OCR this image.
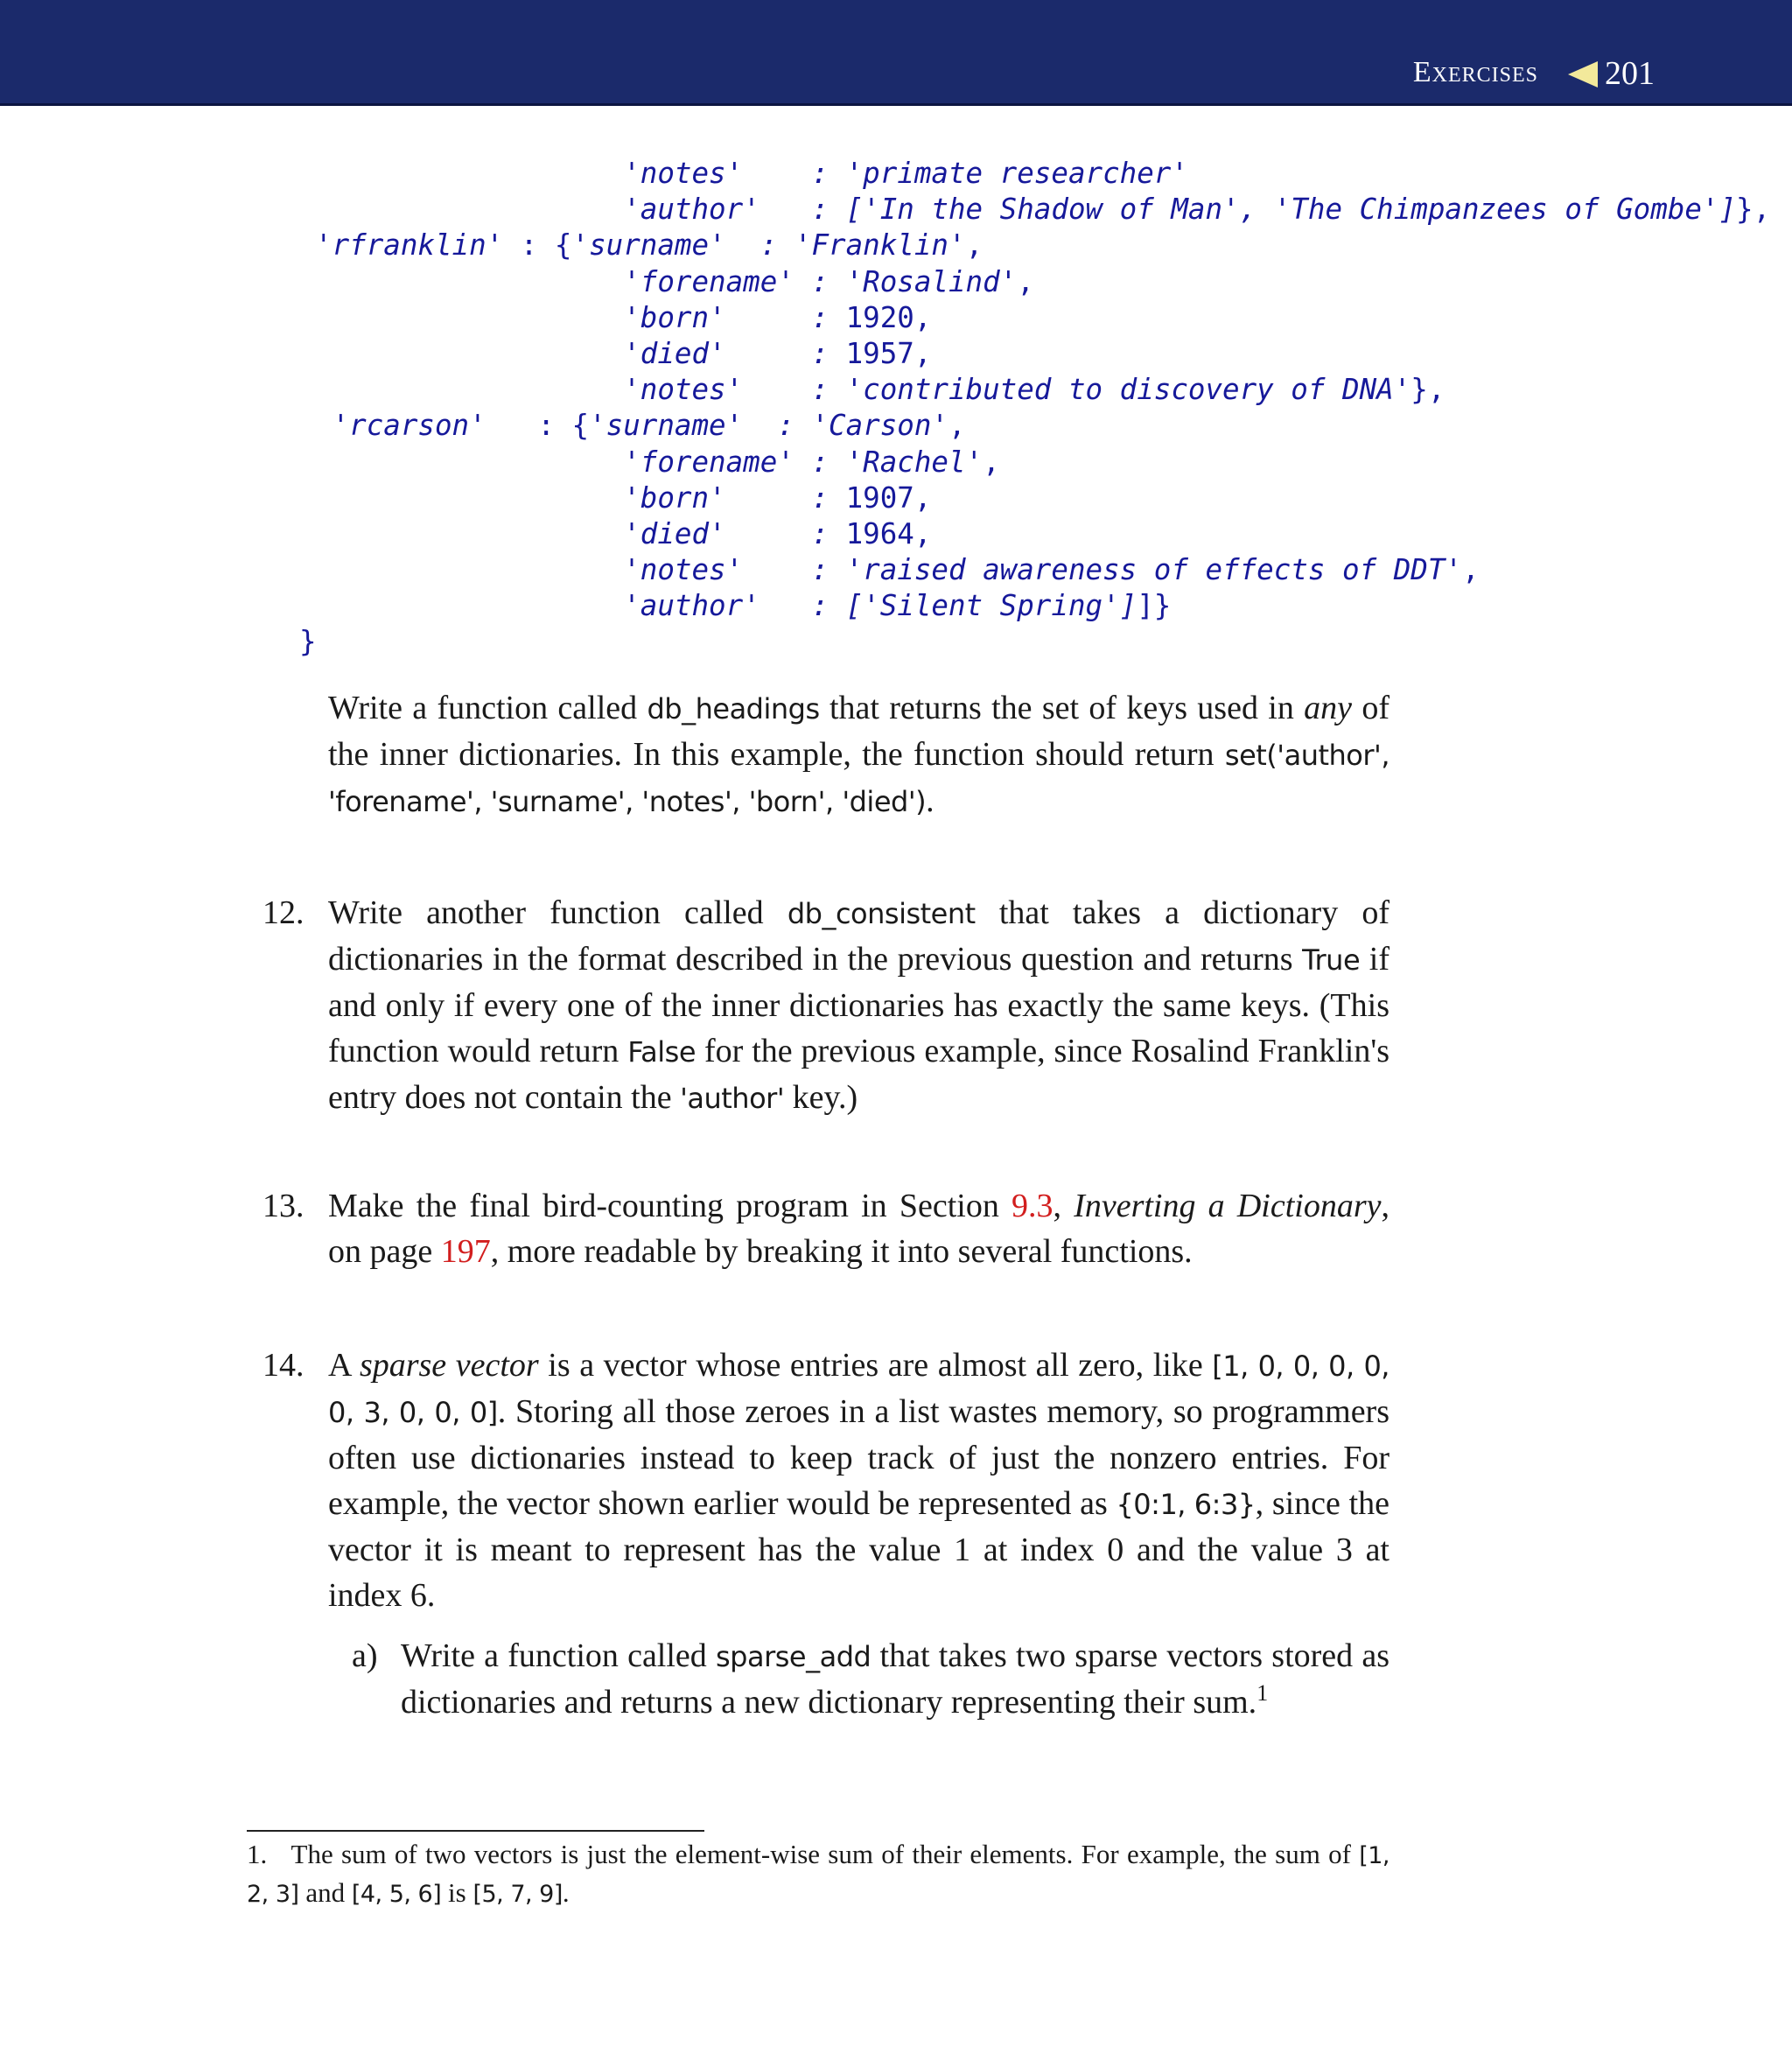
Exercises 201
'notes'    : 'primate researcher'
'author'   : ['In the Shadow of Man', 'The Chimpanzees of Gombe']},
'rfranklin' : {'surname'  : 'Franklin',
'forename' : 'Rosalind',
'born'     : 1920,
'died'     : 1957,
'notes'    : 'contributed to discovery of DNA'},
'rcarson'   : {'surname'  : 'Carson',
'forename' : 'Rachel',
'born'     : 1907,
'died'     : 1964,
'notes'    : 'raised awareness of effects of DDT',
'author'   : ['Silent Spring']]}
}

Write a function called db_headings that returns the set of keys used in any of the inner dictionaries. In this example, the function should return set('author', 'forename', 'surname', 'notes', 'born', 'died').

12. Write another function called db_consistent that takes a dictionary of dictionaries in the format described in the previous question and returns True if and only if every one of the inner dictionaries has exactly the same keys. (This function would return False for the previous example, since Rosalind Franklin's entry does not contain the 'author' key.)

13. Make the final bird-counting program in Section 9.3, Inverting a Dictionary, on page 197, more readable by breaking it into several functions.

14. A sparse vector is a vector whose entries are almost all zero, like [1, 0, 0, 0, 0, 0, 3, 0, 0, 0]. Storing all those zeroes in a list wastes memory, so programmers often use dictionaries instead to keep track of just the nonzero entries. For example, the vector shown earlier would be represented as {0:1, 6:3}, since the vector it is meant to represent has the value 1 at index 0 and the value 3 at index 6.

a) Write a function called sparse_add that takes two sparse vectors stored as dictionaries and returns a new dictionary representing their sum.$^1$

1. The sum of two vectors is just the element-wise sum of their elements. For example, the sum of [1, 2, 3] and [4, 5, 6] is [5, 7, 9].
